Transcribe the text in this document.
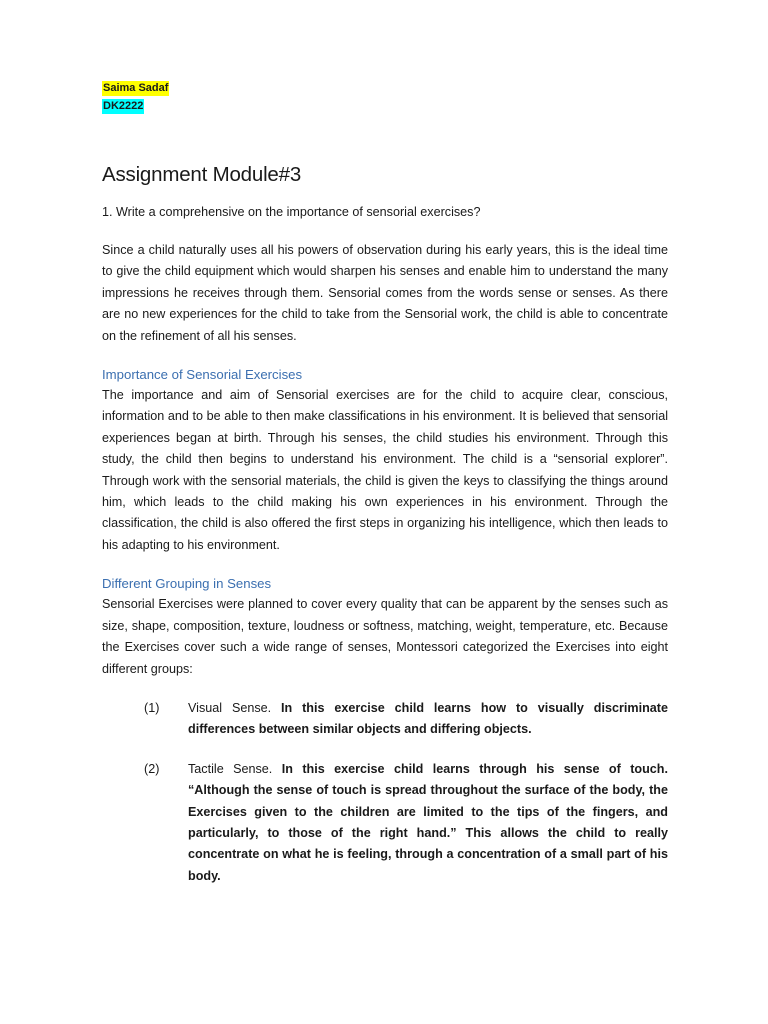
Saima Sadaf
DK2222
Assignment Module#3

1. Write a comprehensive on the importance of sensorial exercises?

Since a child naturally uses all his powers of observation during his early years, this is the ideal time to give the child equipment which would sharpen his senses and enable him to understand the many impressions he receives through them. Sensorial comes from the words sense or senses. As there are no new experiences for the child to take from the Sensorial work, the child is able to concentrate on the refinement of all his senses.

Importance of Sensorial Exercises

The importance and aim of Sensorial exercises are for the child to acquire clear, conscious, information and to be able to then make classifications in his environment. It is believed that sensorial experiences began at birth. Through his senses, the child studies his environment. Through this study, the child then begins to understand his environment. The child is a “sensorial explorer”. Through work with the sensorial materials, the child is given the keys to classifying the things around him, which leads to the child making his own experiences in his environment. Through the classification, the child is also offered the first steps in organizing his intelligence, which then leads to his adapting to his environment.

Different Grouping in Senses

Sensorial Exercises were planned to cover every quality that can be apparent by the senses such as size, shape, composition, texture, loudness or softness, matching, weight, temperature, etc. Because the Exercises cover such a wide range of senses, Montessori categorized the Exercises into eight different groups:

(1)	Visual Sense. In this exercise child learns how to visually discriminate differences between similar objects and differing objects.
(2)	Tactile Sense. In this exercise child learns through his sense of touch. “Although the sense of touch is spread throughout the surface of the body, the Exercises given to the children are limited to the tips of the fingers, and particularly, to those of the right hand.” This allows the child to really concentrate on what he is feeling, through a concentration of a small part of his body.
